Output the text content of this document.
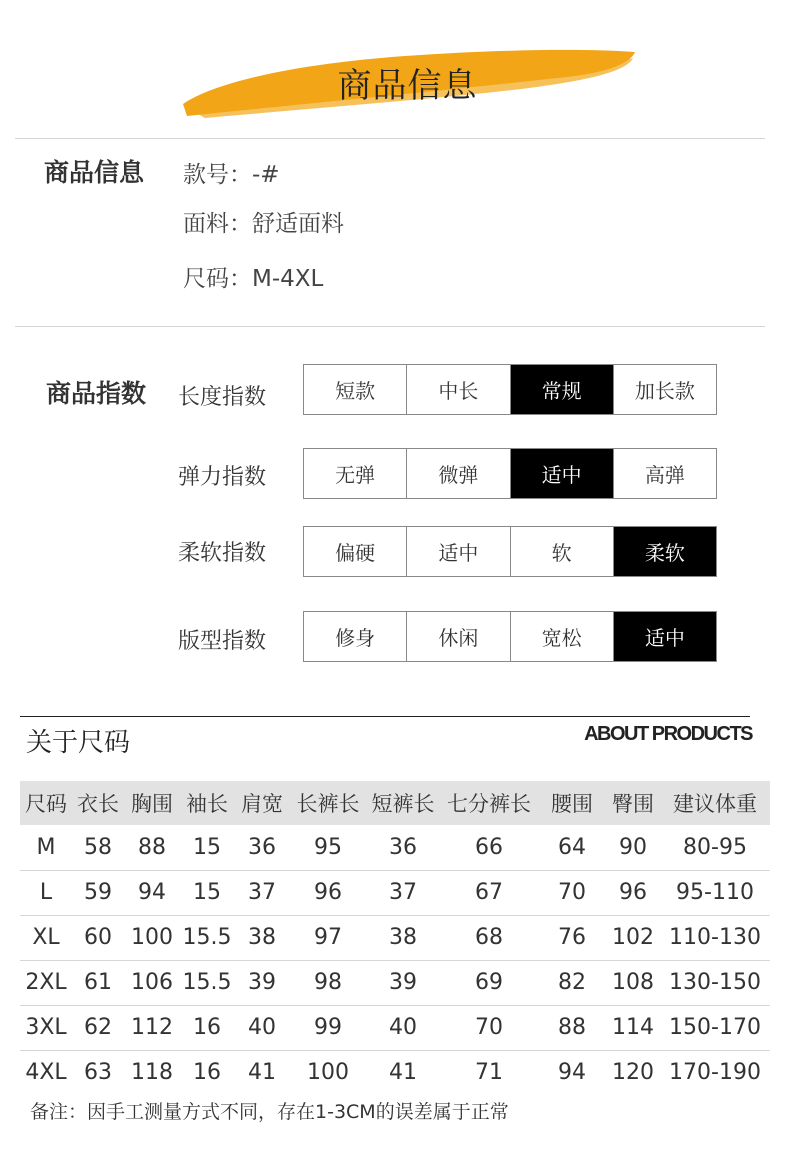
商品信息
商品信息 款号：-#
面料：舒适面料
尺码：M-4XL
商品指数 长度指数	短款	中长	常规	加长款
弹力指数	无弹	微弹	适中	高弹
柔软指数	偏硬	适中	软	柔软
版型指数	修身	休闲	宽松	适中
关于尺码	ABOUT PRODUCTS
尺码	衣长	胸围	袖长	肩宽	长裤长	短裤长	七分裤长	腰围	臀围	建议体重
M	58	88	15	36	95	36	66	64	90	80-95
L	59	94	15	37	96	37	67	70	96	95-110
XL	60	100	15.5	38	97	38	68	76	102	110-130
2XL	61	106	15.5	39	98	39	69	82	108	130-150
3XL	62	112	16	40	99	40	70	88	114	150-170
4XL	63	118	16	41	100	41	71	94	120	170-190
备注：因手工测量方式不同，存在1-3CM的误差属于正常
